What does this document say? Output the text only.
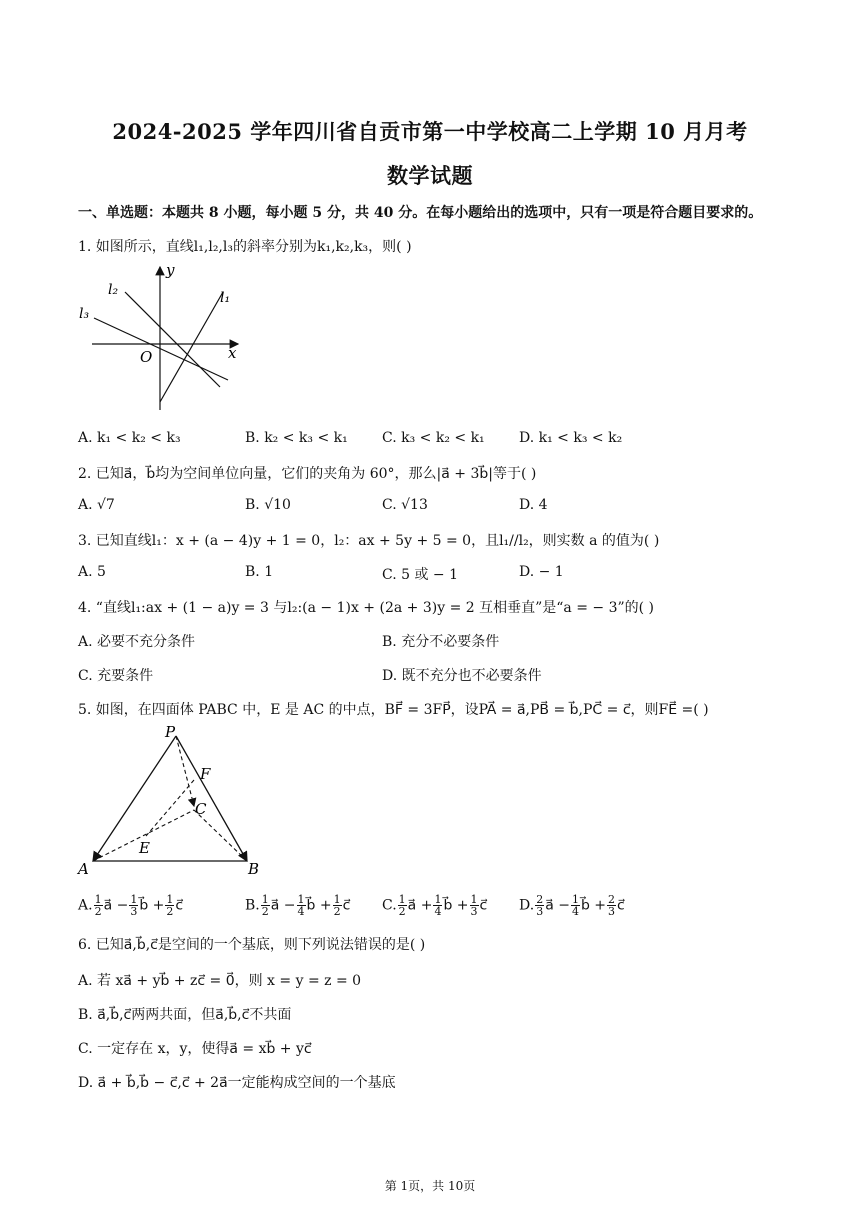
2024-2025 学年四川省自贡市第一中学校高二上学期 10 月月考
数学试题
一、单选题：本题共 8 小题，每小题 5 分，共 40 分。在每小题给出的选项中，只有一项是符合题目要求的。
1. 如图所示，直线l₁,l₂,l₃的斜率分别为k₁,k₂,k₃，则( )
y
x
O
l₁
l₂
l₃
A. k₁ < k₂ < k₃	B. k₂ < k₃ < k₁ C. k₃ < k₂ < k₁ D. k₁ < k₃ < k₂
2. 已知a⃗，b⃗均为空间单位向量，它们的夹角为 60°，那么|a⃗ + 3b⃗|等于( )
A. √7	B. √10	C. √13	D. 4
3. 已知直线l₁：x + (a − 4)y + 1 = 0，l₂：ax + 5y + 5 = 0，且l₁//l₂，则实数 a 的值为( )
A. 5	B. 1	C. 5 或 − 1	D. − 1
4. “直线l₁:ax + (1 − a)y = 3 与l₂:(a − 1)x + (2a + 3)y = 2 互相垂直”是“a = − 3”的( )
A. 必要不充分条件	B. 充分不必要条件
C. 充要条件	D. 既不充分也不必要条件
5. 如图，在四面体 PABC 中，E 是 AC 的中点，BF⃗ = 3FP⃗，设PA⃗ = a⃗,PB⃗ = b⃗,PC⃗ = c⃗，则FE⃗ =( )
P
F
C
E
A	B
A. $\frac{1}{2}$ a⃗ − $\frac{1}{3}$ b⃗ + $\frac{1}{2}$ c⃗	B. $\frac{1}{2}$ a⃗ − $\frac{1}{4}$ b⃗ + $\frac{1}{2}$ c⃗ C. $\frac{1}{2}$ a⃗ + $\frac{1}{4}$ b⃗ + $\frac{1}{3}$ c⃗ D. $\frac{2}{3}$ a⃗ − $\frac{1}{4}$ b⃗ + $\frac{2}{3}$ c⃗
6. 已知a⃗,b⃗,c⃗是空间的一个基底，则下列说法错误的是( )
A. 若 xa⃗ + yb⃗ + zc⃗ = 0⃗，则 x = y = z = 0
B. a⃗,b⃗,c⃗两两共面，但a⃗,b⃗,c⃗不共面
C. 一定存在 x，y，使得a⃗ = xb⃗ + yc⃗
D. a⃗ + b⃗,b⃗ − c⃗,c⃗ + 2a⃗一定能构成空间的一个基底
第 1页，共 10页
